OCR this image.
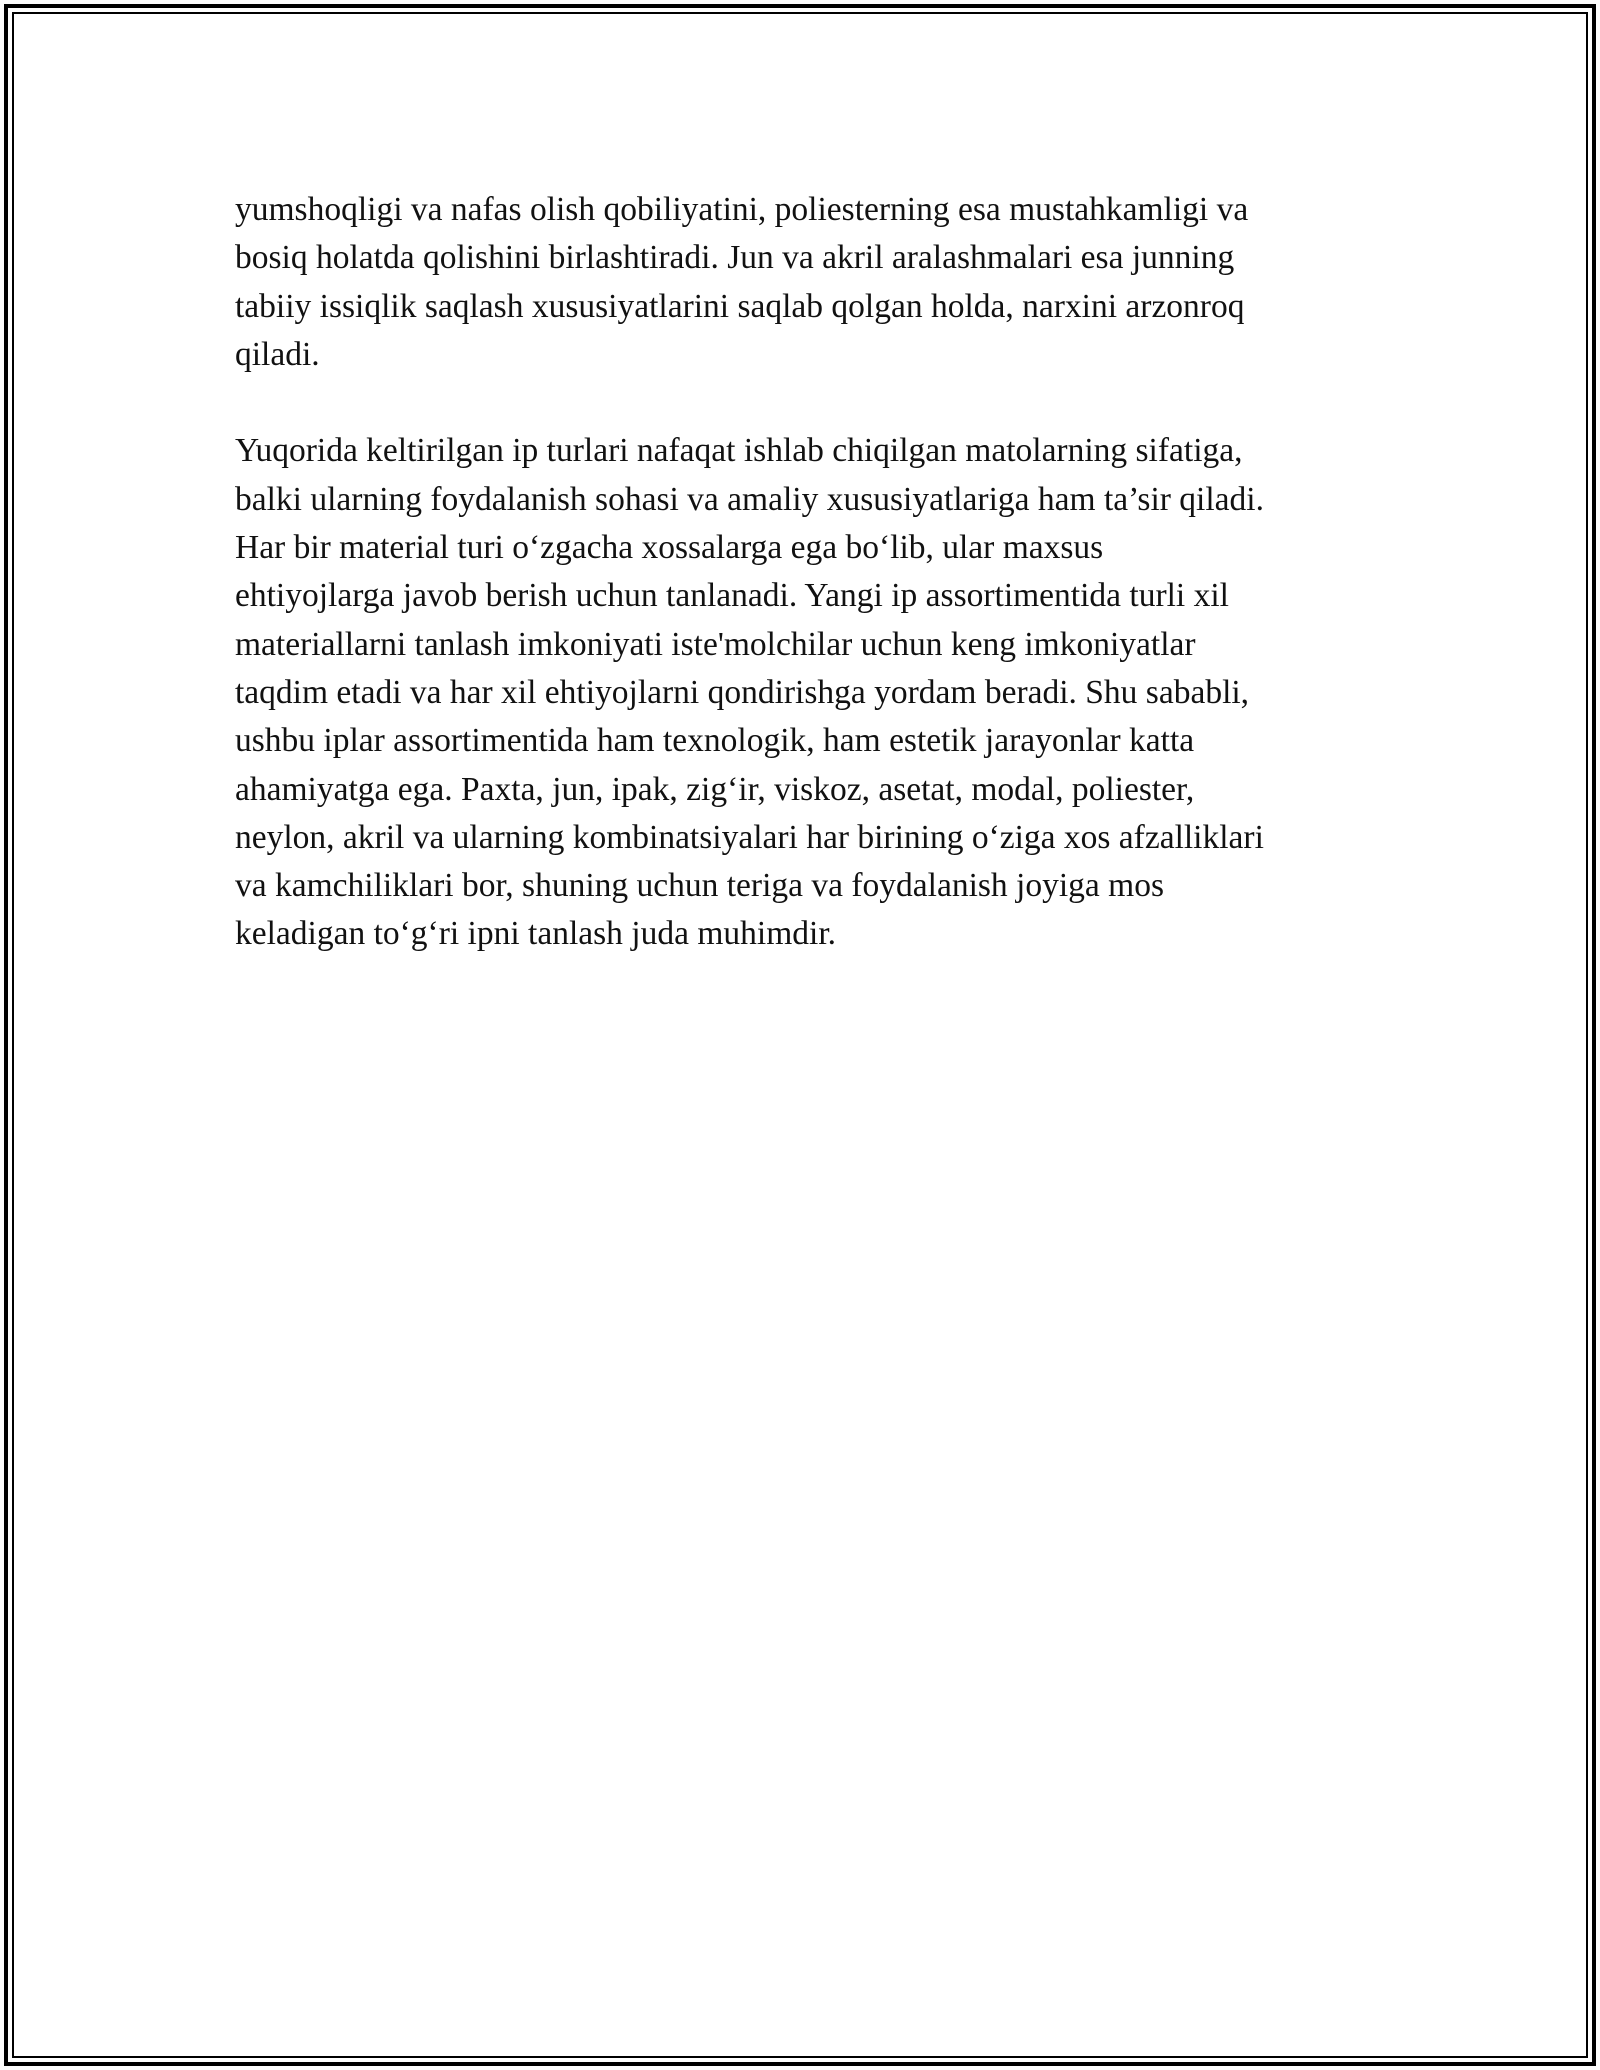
yumshoqligi va nafas olish qobiliyatini, poliesterning esa mustahkamligi va
bosiq holatda qolishini birlashtiradi. Jun va akril aralashmalari esa junning
tabiiy issiqlik saqlash xususiyatlarini saqlab qolgan holda, narxini arzonroq
qiladi.

Yuqorida keltirilgan ip turlari nafaqat ishlab chiqilgan matolarning sifatiga,
balki ularning foydalanish sohasi va amaliy xususiyatlariga ham ta’sir qiladi.
Har bir material turi o‘zgacha xossalarga ega bo‘lib, ular maxsus
ehtiyojlarga javob berish uchun tanlanadi. Yangi ip assortimentida turli xil
materiallarni tanlash imkoniyati iste'molchilar uchun keng imkoniyatlar
taqdim etadi va har xil ehtiyojlarni qondirishga yordam beradi. Shu sababli,
ushbu iplar assortimentida ham texnologik, ham estetik jarayonlar katta
ahamiyatga ega. Paxta, jun, ipak, zig‘ir, viskoz, asetat, modal, poliester,
neylon, akril va ularning kombinatsiyalari har birining o‘ziga xos afzalliklari
va kamchiliklari bor, shuning uchun teriga va foydalanish joyiga mos
keladigan to‘g‘ri ipni tanlash juda muhimdir.
